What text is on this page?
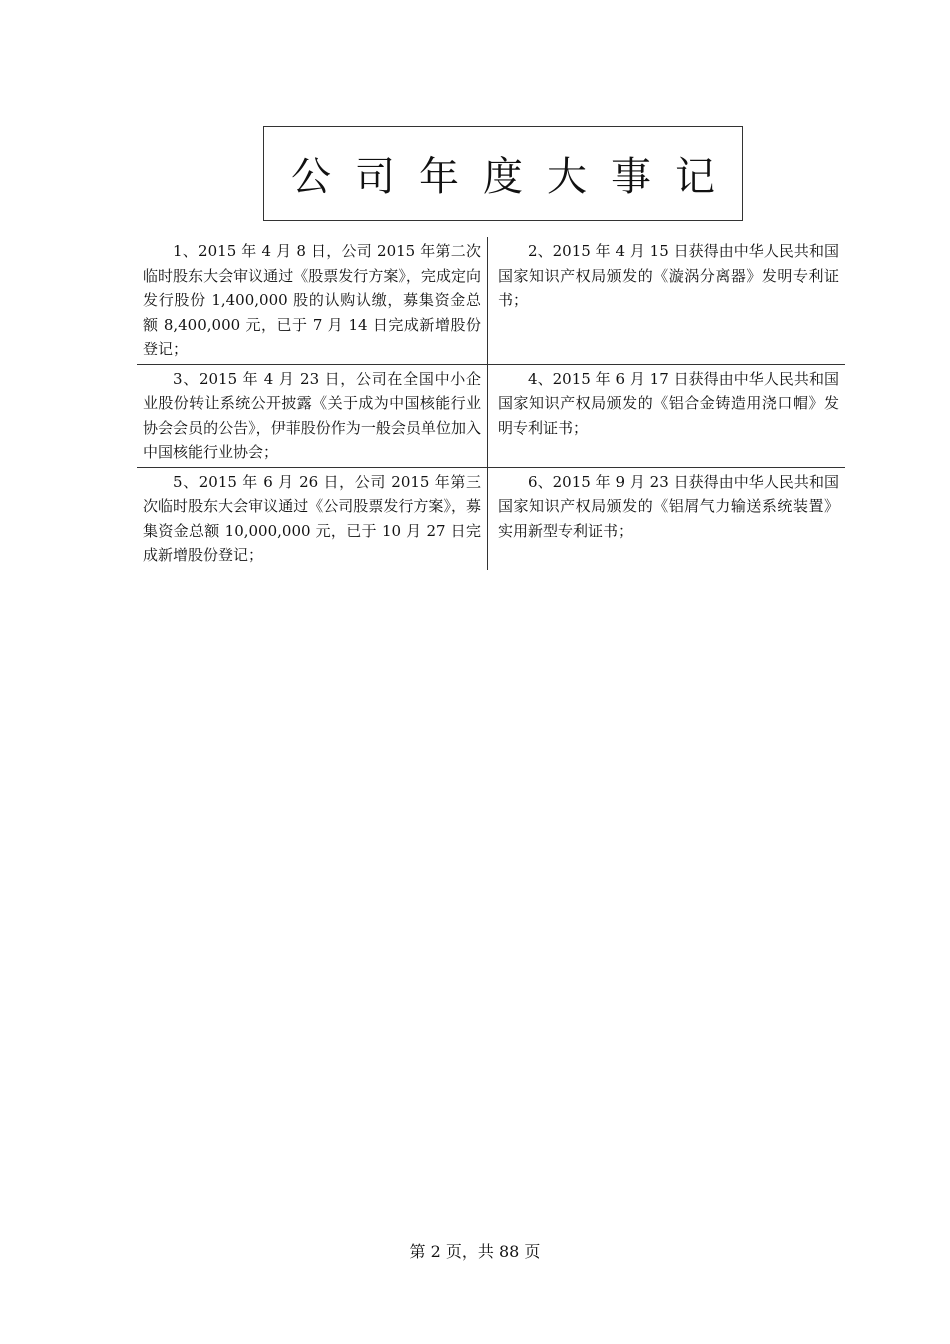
公司年度大事记
1、2015 年 4 月 8 日，公司 2015 年第二次临时股东大会审议通过《股票发行方案》，完成定向发行股份 1,400,000 股的认购认缴，募集资金总额 8,400,000 元，已于 7 月 14 日完成新增股份登记；	2、2015 年 4 月 15 日获得由中华人民共和国国家知识产权局颁发的《漩涡分离器》发明专利证书；

3、2015 年 4 月 23 日，公司在全国中小企业股份转让系统公开披露《关于成为中国核能行业协会会员的公告》，伊菲股份作为一般会员单位加入中国核能行业协会；	4、2015 年 6 月 17 日获得由中华人民共和国国家知识产权局颁发的《铝合金铸造用浇口帽》发明专利证书；

5、2015 年 6 月 26 日，公司 2015 年第三次临时股东大会审议通过《公司股票发行方案》，募集资金总额 10,000,000 元，已于 10 月 27 日完成新增股份登记；	6、2015 年 9 月 23 日获得由中华人民共和国国家知识产权局颁发的《铝屑气力输送系统装置》实用新型专利证书；
第 2 页，共 88 页
